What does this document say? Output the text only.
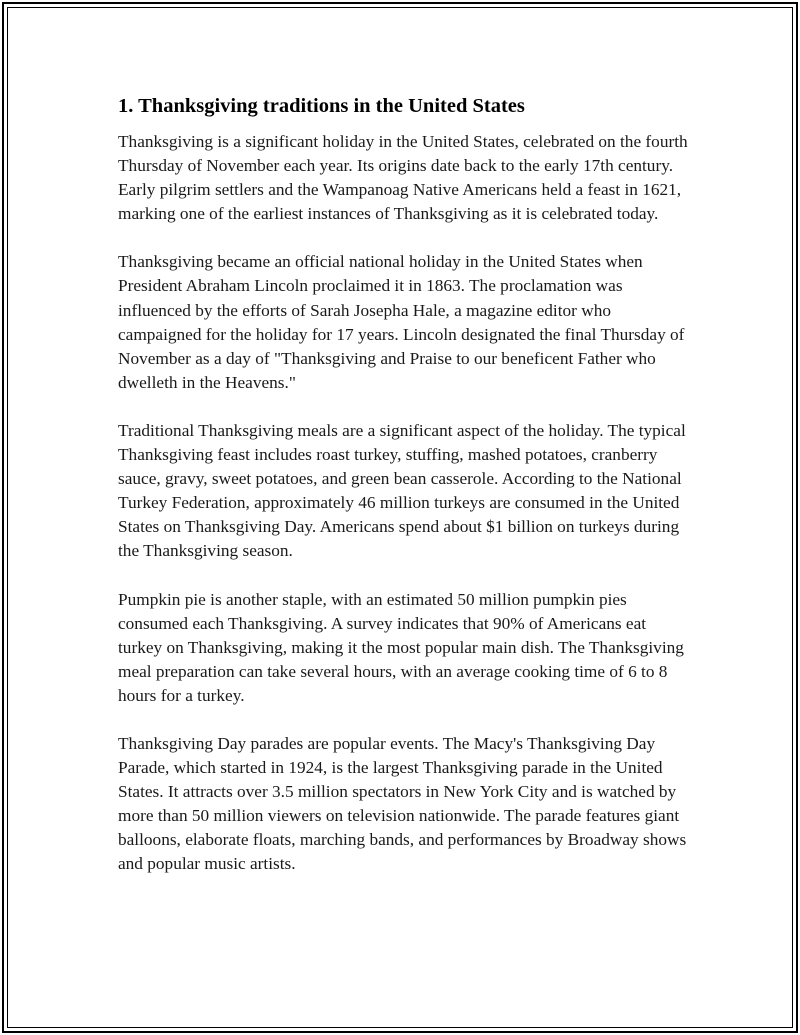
1. Thanksgiving traditions in the United States

Thanksgiving is a significant holiday in the United States, celebrated on the fourth Thursday of November each year. Its origins date back to the early 17th century. Early pilgrim settlers and the Wampanoag Native Americans held a feast in 1621, marking one of the earliest instances of Thanksgiving as it is celebrated today.

Thanksgiving became an official national holiday in the United States when President Abraham Lincoln proclaimed it in 1863. The proclamation was influenced by the efforts of Sarah Josepha Hale, a magazine editor who campaigned for the holiday for 17 years. Lincoln designated the final Thursday of November as a day of "Thanksgiving and Praise to our beneficent Father who dwelleth in the Heavens."

Traditional Thanksgiving meals are a significant aspect of the holiday. The typical Thanksgiving feast includes roast turkey, stuffing, mashed potatoes, cranberry sauce, gravy, sweet potatoes, and green bean casserole. According to the National Turkey Federation, approximately 46 million turkeys are consumed in the United States on Thanksgiving Day. Americans spend about $1 billion on turkeys during the Thanksgiving season.

Pumpkin pie is another staple, with an estimated 50 million pumpkin pies consumed each Thanksgiving. A survey indicates that 90% of Americans eat turkey on Thanksgiving, making it the most popular main dish. The Thanksgiving meal preparation can take several hours, with an average cooking time of 6 to 8 hours for a turkey.

Thanksgiving Day parades are popular events. The Macy's Thanksgiving Day Parade, which started in 1924, is the largest Thanksgiving parade in the United States. It attracts over 3.5 million spectators in New York City and is watched by more than 50 million viewers on television nationwide. The parade features giant balloons, elaborate floats, marching bands, and performances by Broadway shows and popular music artists.
